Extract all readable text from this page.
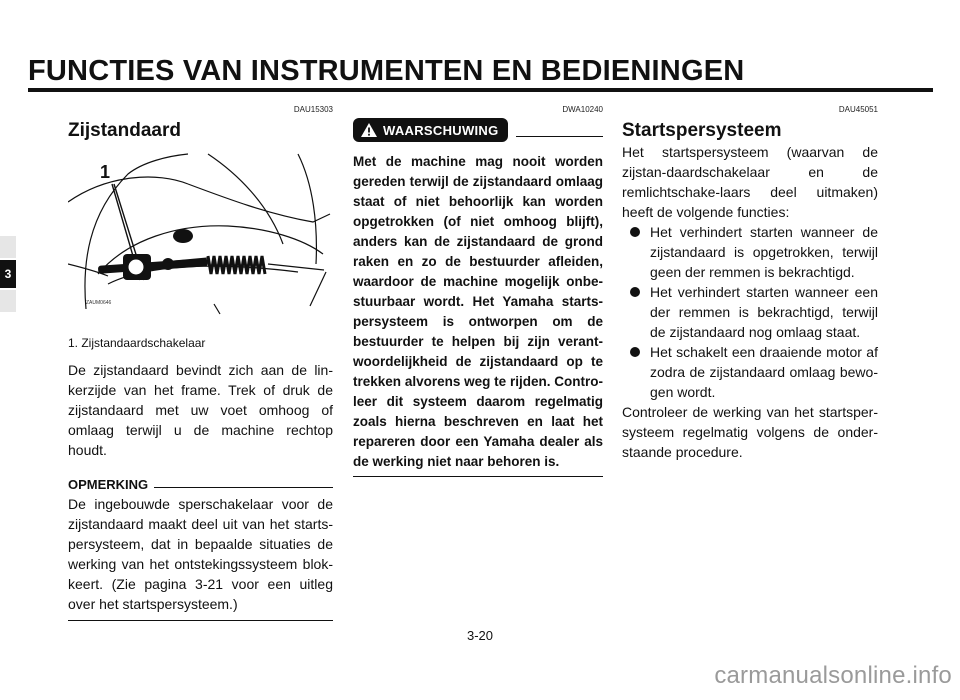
FUNCTIES VAN INSTRUMENTEN EN BEDIENINGEN
3
DAU15303
Zijstandaard
1
ZAUM0646
1. Zijstandaardschakelaar
De zijstandaard bevindt zich aan de lin-kerzijde van het frame. Trek of druk de zijstandaard met uw voet omhoog of omlaag terwijl u de machine rechtop houdt.
OPMERKING
De ingebouwde sperschakelaar voor de zijstandaard maakt deel uit van het starts-persysteem, dat in bepaalde situaties de werking van het ontstekingssysteem blok-keert. (Zie pagina 3-21 voor een uitleg over het startspersysteem.)
DWA10240
WAARSCHUWING
Met de machine mag nooit worden gereden terwijl de zijstandaard omlaag staat of niet behoorlijk kan worden opgetrokken (of niet omhoog blijft), anders kan de zijstandaard de grond raken en zo de bestuurder afleiden, waardoor de machine mogelijk onbe-stuurbaar wordt. Het Yamaha starts-persysteem is ontworpen om de bestuurder te helpen bij zijn verant-woordelijkheid de zijstandaard op te trekken alvorens weg te rijden. Contro-leer dit systeem daarom regelmatig zoals hierna beschreven en laat het repareren door een Yamaha dealer als de werking niet naar behoren is.
DAU45051
Startspersysteem
Het startspersysteem (waarvan de zijstan-daardschakelaar en de remlichtschake-laars deel uitmaken) heeft de volgende functies:
Het verhindert starten wanneer de zijstandaard is opgetrokken, terwijl geen der remmen is bekrachtigd.
Het verhindert starten wanneer een der remmen is bekrachtigd, terwijl de zijstandaard nog omlaag staat.
Het schakelt een draaiende motor af zodra de zijstandaard omlaag bewo-gen wordt.
Controleer de werking van het startsper-systeem regelmatig volgens de onder-staande procedure.
3-20
carmanualsonline.info
